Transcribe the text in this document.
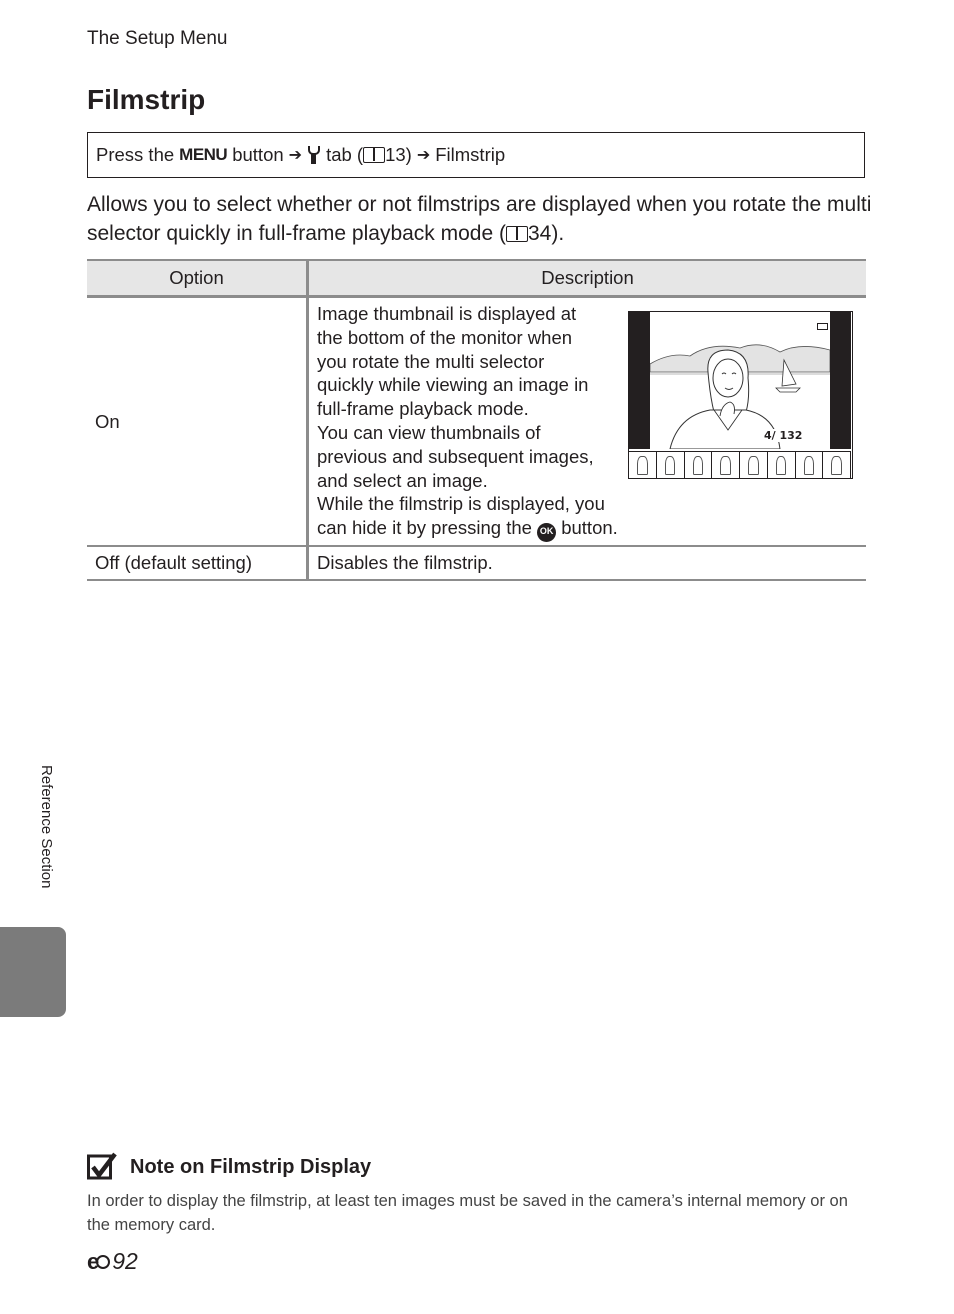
The Setup Menu
Filmstrip
Press the MENU button ➔ tab ( 13) ➔ Filmstrip

Allows you to select whether or not filmstrips are displayed when you rotate the multi selector quickly in full-frame playback mode ( 34).

Option	Description
On
Image thumbnail is displayed at
the bottom of the monitor when
you rotate the multi selector
quickly while viewing an image in
full-frame playback mode.
You can view thumbnails of
previous and subsequent images,
and select an image.
While the filmstrip is displayed, you
can hide it by pressing the OK button.
Off (default setting)	Disables the filmstrip.
4/ 132
Reference Section
Note on Filmstrip Display

In order to display the filmstrip, at least ten images must be saved in the camera’s internal memory or on the memory card.

e 92
